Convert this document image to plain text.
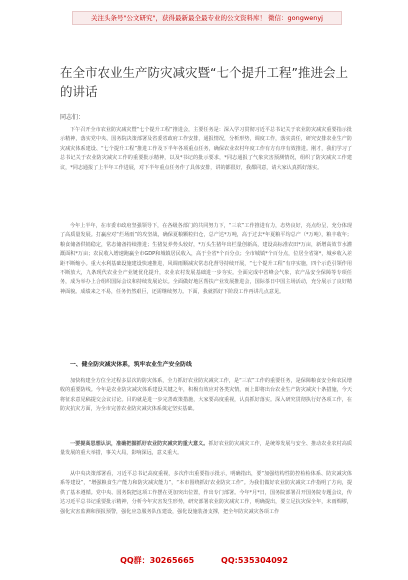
关注头条号"公文研究"，获得最新最全最专业的公文资料库！ 微信：gongwenyj
在全市农业生产防灾减灾暨“七个提升工程”推进会上的讲话
同志们：
下午召开全市农业防灾减灾暨“七个提升工程”推进会，主要任务是：深入学习贯彻习近平总书记关于农业防灾减灾重要指示批示精神，落实党中央、国务院决策部署及省委省政府工作安排，通报情况，分析形势，调度工作，落实责任，研究安排农业生产防灾减灾体系建设、“七个提升工程”推进工作及下半年各项重点任务，确保农业农村年度工作有方有序有效推进。刚才，我们学习了总书记关于农业防灾减灾工作的重要批示精神，以及*书记的批示要求，*同志通报了气象灾害预测情况，组织了防灾减灾工作建议，*同志通报了上半年工作进展，对下半年重点任务作了具体安排，讲的都很好，我都同意，请大家认真抓好落实。
今年上半年，在市委市政府坚强领导下，在各级各部门的共同努力下，“三农”工作推进有力，态势良好，亮点纷呈，充分体现了高质量发展。打赢应对“烂场雨”的攻坚战，确保夏粮颗粒归仓，总产达*万吨，高于过去*年夏粮平均总产（*万吨），粮丰收年；粮食储备供销稳定，常态储备持续推进；生猪复养势头较好，*万头生猪年出栏量创新高，建设高标准农田*万亩，新增高效节水灌溉面积*万亩；农民收入增速跑赢全市GDP和城镇居民收入，高于全省*个百分点；全市城镇*个百分点，位居全省第*，城乡收入差距不断缩小。重大水利基础设施建设快速推进，风调雨顺减灾常态化督导持续开展，“七个提升工程”有序实施，四个示范引领作用不断放大，九条现代农业全产业链优化提升，农业农村发展基础进一步夯实。全面完成中省峰会气象，农产品安全保障等专项任务，成为举办上合组织国际会议和持续发展论坛。全面做好地区帮扶产业发展推进会，国际茶日中国主场活动，充分展示了良好精神面貌。成绩来之不易，任务仍然艰巨，还需继续努力。下面，我就抓好下阶段工作再讲几点意见。
一、健全防灾减灾体系，筑牢农业生产安全防线
加快构建全方位全过程多层次的防灾体系，全力抓好农业防灾减灾工作，是“三农”工作的重要任务，是保障粮食安全和农民增收的重要防线。今年是农业防灾减灾体系建设关键之年，积极有效应对各类灾情，而上即将出台农业生产防灾减灾十条措施，今天将征求意见稿提交会议讨论。目的就是进一步完善政策措施，大家要高度重视，认真抓好落实。深入研究贯彻执行好各项工作，在防灾抗灾方面，为全市完善农业防灾减灾体系奠定坚实基础。
一要提高思想认识，准确把握抓好农业防灾减灾的重大意义。抓好农业防灾减灾工作，是统筹发展与安全、推动农业农村高质量发展的重大举措，事关大局，影响深远，意义重大。
从中央决策部署看，习近平总书记高度重视，多次作出重要指示批示，明确指出，要“加强结构性防控检检体系、防灾减灾体系等建设”，“增强粮食生产能力和防灾减灾能力”，“本市围绕抓好农业防灾工作”。为我们做好农业防灾减灾工作指明了方向，提供了基本遵循。党中央、国务院把这项工作摆在更加突出位置，作出专门部署。今年*月*日，国务院部署召开国务院专题会议，传达习近平总书记重要批示精神，分析今年灾害发生形势，研究部署农业防灾减灾工作，明确提出，要立足抗灾保全年，未雨绸缪，强化灾害监测和预报预警，强化应急服务队伍建设，强化设施装备支撑，把全年防灾减灾各项工作
QQ群：30265665	QQ:535304092
